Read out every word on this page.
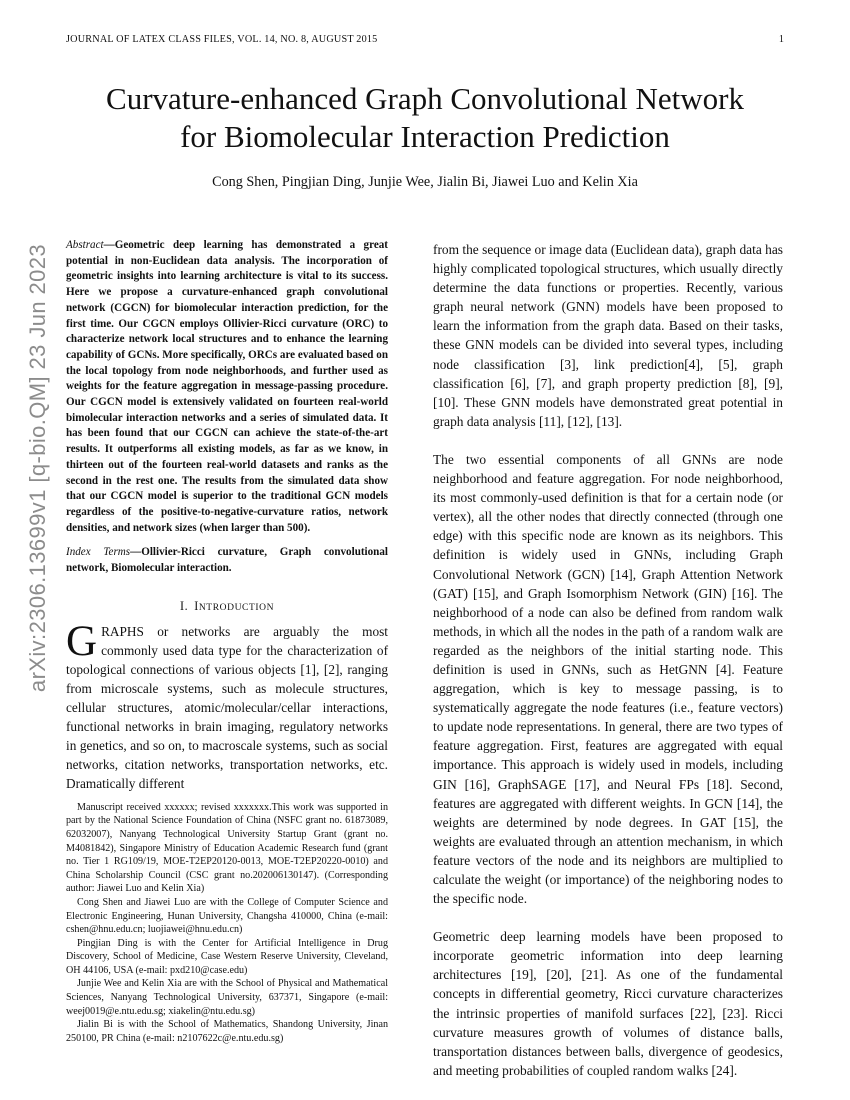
JOURNAL OF LATEX CLASS FILES, VOL. 14, NO. 8, AUGUST 2015	1
arXiv:2306.13699v1 [q-bio.QM] 23 Jun 2023
Curvature-enhanced Graph Convolutional Network
for Biomolecular Interaction Prediction
Cong Shen, Pingjian Ding, Junjie Wee, Jialin Bi, Jiawei Luo and Kelin Xia

Abstract—Geometric deep learning has demonstrated a great potential in non-Euclidean data analysis. The incorporation of geometric insights into learning architecture is vital to its success. Here we propose a curvature-enhanced graph convolutional network (CGCN) for biomolecular interaction prediction, for the first time. Our CGCN employs Ollivier-Ricci curvature (ORC) to characterize network local structures and to enhance the learning capability of GCNs. More specifically, ORCs are evaluated based on the local topology from node neighborhoods, and further used as weights for the feature aggregation in message-passing procedure. Our CGCN model is extensively validated on fourteen real-world bimolecular interaction networks and a series of simulated data. It has been found that our CGCN can achieve the state-of-the-art results. It outperforms all existing models, as far as we know, in thirteen out of the fourteen real-world datasets and ranks as the second in the rest one. The results from the simulated data show that our CGCN model is superior to the traditional GCN models regardless of the positive-to-negative-curvature ratios, network densities, and network sizes (when larger than 500).

Index Terms—Ollivier-Ricci curvature, Graph convolutional network, Biomolecular interaction.

I. INTRODUCTION

GRAPHS or networks are arguably the most commonly used data type for the characterization of topological connections of various objects [1], [2], ranging from microscale systems, such as molecule structures, cellular structures, atomic/molecular/cellar interactions, functional networks in brain imaging, regulatory networks in genetics, and so on, to macroscale systems, such as social networks, citation networks, transportation networks, etc. Dramatically different

Manuscript received xxxxxx; revised xxxxxxx.This work was supported in part by the National Science Foundation of China (NSFC grant no. 61873089, 62032007), Nanyang Technological University Startup Grant (grant no. M4081842), Singapore Ministry of Education Academic Research fund (grant no. Tier 1 RG109/19, MOE-T2EP20120-0013, MOE-T2EP20220-0010) and China Scholarship Council (CSC grant no.202006130147). (Corresponding author: Jiawei Luo and Kelin Xia)

Cong Shen and Jiawei Luo are with the College of Computer Science and Electronic Engineering, Hunan University, Changsha 410000, China (e-mail: cshen@hnu.edu.cn; luojiawei@hnu.edu.cn)

Pingjian Ding is with the Center for Artificial Intelligence in Drug Discovery, School of Medicine, Case Western Reserve University, Cleveland, OH 44106, USA (e-mail: pxd210@case.edu)

Junjie Wee and Kelin Xia are with the School of Physical and Mathematical Sciences, Nanyang Technological University, 637371, Singapore (e-mail: weej0019@e.ntu.edu.sg; xiakelin@ntu.edu.sg)

Jialin Bi is with the School of Mathematics, Shandong University, Jinan 250100, PR China (e-mail: n2107622c@e.ntu.edu.sg)

from the sequence or image data (Euclidean data), graph data has highly complicated topological structures, which usually directly determine the data functions or properties. Recently, various graph neural network (GNN) models have been proposed to learn the information from the graph data. Based on their tasks, these GNN models can be divided into several types, including node classification [3], link prediction[4], [5], graph classification [6], [7], and graph property prediction [8], [9], [10]. These GNN models have demonstrated great potential in graph data analysis [11], [12], [13].

The two essential components of all GNNs are node neighborhood and feature aggregation. For node neighborhood, its most commonly-used definition is that for a certain node (or vertex), all the other nodes that directly connected (through one edge) with this specific node are known as its neighbors. This definition is widely used in GNNs, including Graph Convolutional Network (GCN) [14], Graph Attention Network (GAT) [15], and Graph Isomorphism Network (GIN) [16]. The neighborhood of a node can also be defined from random walk methods, in which all the nodes in the path of a random walk are regarded as the neighbors of the initial starting node. This definition is used in GNNs, such as HetGNN [4]. Feature aggregation, which is key to message passing, is to systematically aggregate the node features (i.e., feature vectors) to update node representations. In general, there are two types of feature aggregation. First, features are aggregated with equal importance. This approach is widely used in models, including GIN [16], GraphSAGE [17], and Neural FPs [18]. Second, features are aggregated with different weights. In GCN [14], the weights are determined by node degrees. In GAT [15], the weights are evaluated through an attention mechanism, in which feature vectors of the node and its neighbors are multiplied to calculate the weight (or importance) of the neighboring nodes to the specific node.

Geometric deep learning models have been proposed to incorporate geometric information into deep learning architectures [19], [20], [21]. As one of the fundamental concepts in differential geometry, Ricci curvature characterizes the intrinsic properties of manifold surfaces [22], [23]. Ricci curvature measures growth of volumes of distance balls, transportation distances between balls, divergence of geodesics, and meeting probabilities of coupled random walks [24].
